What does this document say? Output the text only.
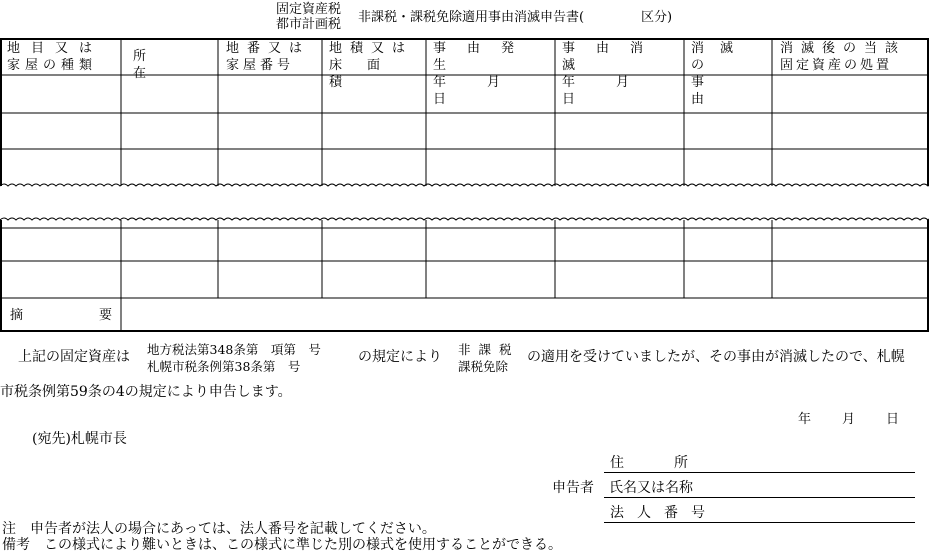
固定資産税
都市計画税 非課税・課税免除適用事由消滅申告書(	区分)
地目又は
家屋の種類
所在
地番又は
家屋番号
地積又は
床面積
事由発生
年月日
事由消滅
年月日
消滅の
事由
消滅後の当該
固定資産の処置
摘要
上記の固定資産は 地方税法第348条第　項第　号
札幌市税条例第38条第　号
の規定により 非課税
課税免除
の適用を受けていましたが、その事由が消滅したので、札幌
市税条例第59条の4の規定により申告します。
年 月 日
(宛先)札幌市長
申告者
住所
氏名又は名称
法人番号
注　申告者が法人の場合にあっては、法人番号を記載してください。
備考　この様式により難いときは、この様式に準じた別の様式を使用することができる。
